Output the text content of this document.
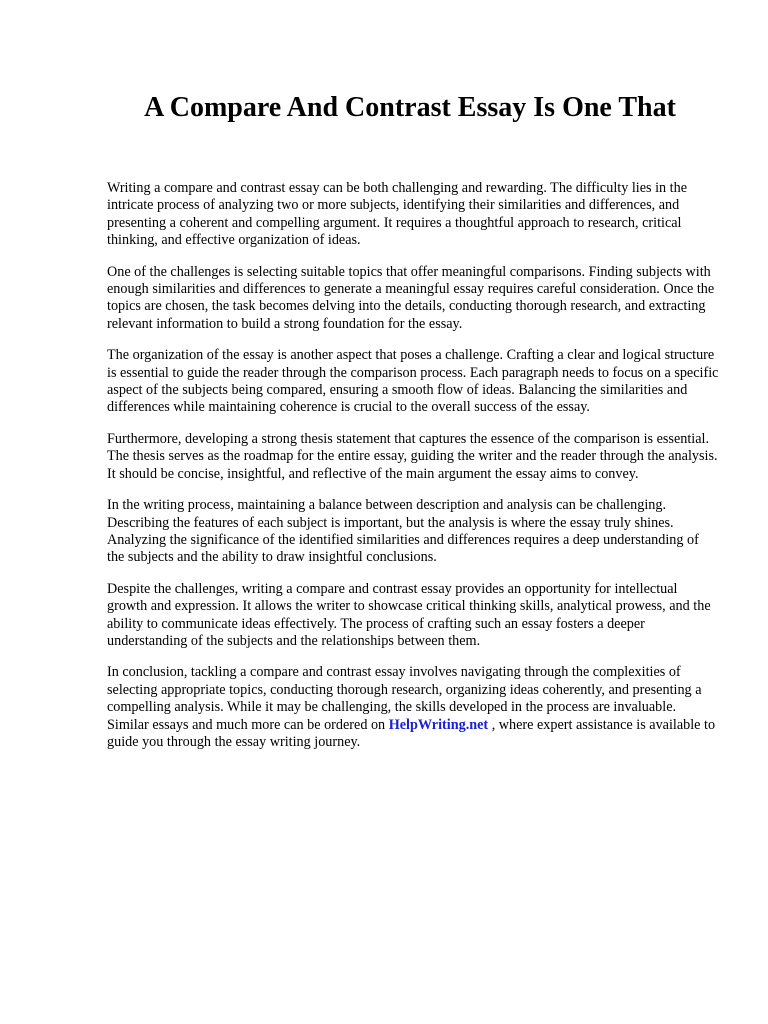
A Compare And Contrast Essay Is One That

Writing a compare and contrast essay can be both challenging and rewarding. The difficulty lies in the intricate process of analyzing two or more subjects, identifying their similarities and differences, and presenting a coherent and compelling argument. It requires a thoughtful approach to research, critical thinking, and effective organization of ideas.

One of the challenges is selecting suitable topics that offer meaningful comparisons. Finding subjects with enough similarities and differences to generate a meaningful essay requires careful consideration. Once the topics are chosen, the task becomes delving into the details, conducting thorough research, and extracting relevant information to build a strong foundation for the essay.

The organization of the essay is another aspect that poses a challenge. Crafting a clear and logical structure is essential to guide the reader through the comparison process. Each paragraph needs to focus on a specific aspect of the subjects being compared, ensuring a smooth flow of ideas. Balancing the similarities and differences while maintaining coherence is crucial to the overall success of the essay.

Furthermore, developing a strong thesis statement that captures the essence of the comparison is essential. The thesis serves as the roadmap for the entire essay, guiding the writer and the reader through the analysis. It should be concise, insightful, and reflective of the main argument the essay aims to convey.

In the writing process, maintaining a balance between description and analysis can be challenging. Describing the features of each subject is important, but the analysis is where the essay truly shines. Analyzing the significance of the identified similarities and differences requires a deep understanding of the subjects and the ability to draw insightful conclusions.

Despite the challenges, writing a compare and contrast essay provides an opportunity for intellectual growth and expression. It allows the writer to showcase critical thinking skills, analytical prowess, and the ability to communicate ideas effectively. The process of crafting such an essay fosters a deeper understanding of the subjects and the relationships between them.

In conclusion, tackling a compare and contrast essay involves navigating through the complexities of selecting appropriate topics, conducting thorough research, organizing ideas coherently, and presenting a compelling analysis. While it may be challenging, the skills developed in the process are invaluable. Similar essays and much more can be ordered on HelpWriting.net , where expert assistance is available to guide you through the essay writing journey.
